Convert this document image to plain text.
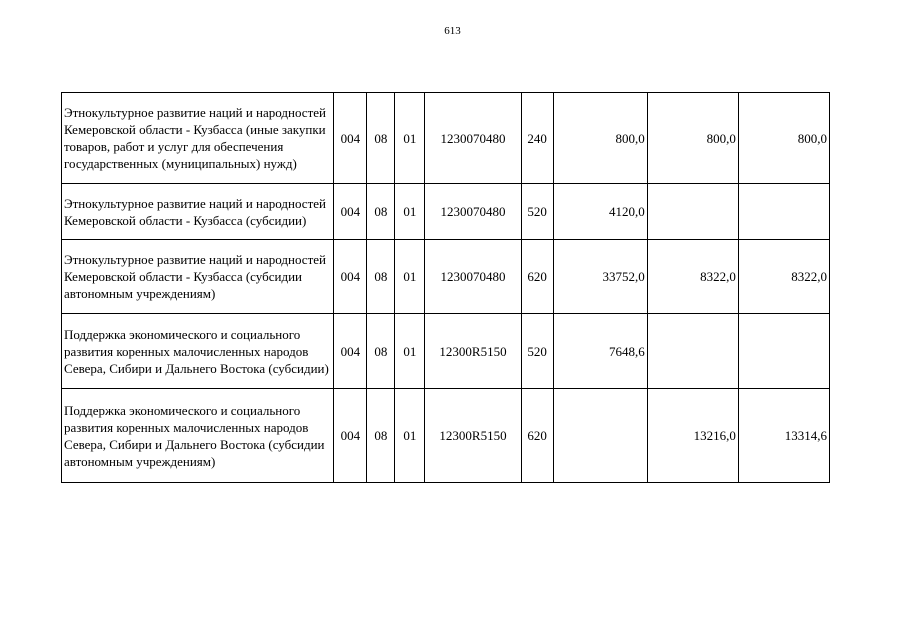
613
Этнокультурное развитие наций и народностей Кемеровской области - Кузбасса (иные закупки товаров, работ и услуг для обеспечения государственных (муниципальных) нужд)	004	08	01	1230070480	240	800,0	800,0	800,0
Этнокультурное развитие наций и народностей Кемеровской области - Кузбасса (субсидии)	004	08	01	1230070480	520	4120,0		
Этнокультурное развитие наций и народностей Кемеровской области - Кузбасса (субсидии автономным учреждениям)	004	08	01	1230070480	620	33752,0	8322,0	8322,0
Поддержка экономического и социального развития коренных малочисленных народов Севера, Сибири и Дальнего Востока (субсидии)	004	08	01	12300R5150	520	7648,6		
Поддержка экономического и социального развития коренных малочисленных народов Севера, Сибири и Дальнего Востока (субсидии автономным учреждениям)	004	08	01	12300R5150	620		13216,0	13314,6
